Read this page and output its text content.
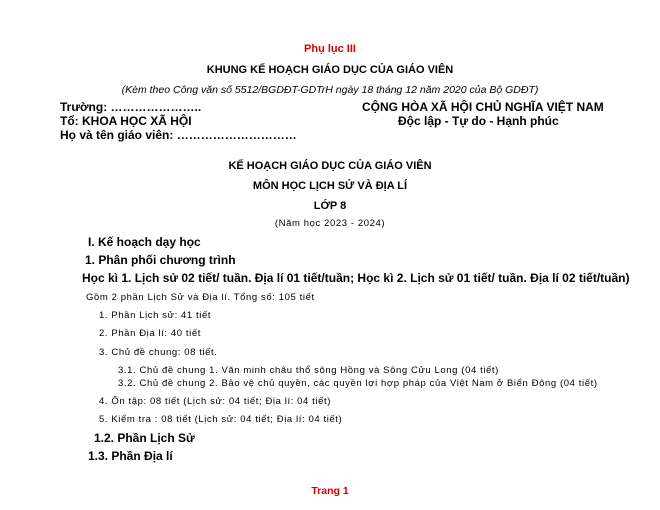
Phụ lục III
KHUNG KẾ HOẠCH GIÁO DỤC CỦA GIÁO VIÊN
(Kèm theo Công văn số 5512/BGDĐT-GDTrH ngày 18 tháng 12 năm 2020 của Bộ GDĐT)
Trường: …………………..
Tổ: KHOA HỌC XÃ HỘI
Họ và tên giáo viên: …………………………
CỘNG HÒA XÃ HỘI CHỦ NGHĨA VIỆT NAM
Độc lập - Tự do - Hạnh phúc
KẾ HOẠCH GIÁO DỤC CỦA GIÁO VIÊN
MÔN HỌC LỊCH SỬ VÀ ĐỊA LÍ
LỚP 8
(Năm học 2023 - 2024)
I. Kế hoạch dạy học
1. Phân phối chương trình
Học kì 1. Lịch sử 02 tiết/ tuần. Địa lí 01 tiết/tuần; Học kì 2. Lịch sử 01 tiết/ tuần. Địa lí 02 tiết/tuần)
Gồm 2 phần Lịch Sử và Địa lí. Tổng số: 105 tiết
1. Phần Lịch sử: 41 tiết
2. Phần Địa lí: 40 tiết
3. Chủ đề chung: 08 tiết.
3.1. Chủ đề chung 1. Văn minh châu thổ sông Hồng và Sông Cửu Long (04 tiết)
3.2. Chủ đề chung 2. Bảo vệ chủ quyền, các quyền lợi hợp pháp của Việt Nam ở Biển Đông (04 tiết)
4. Ôn tập: 08 tiết (Lịch sử: 04 tiết; Địa lí: 04 tiết)
5. Kiểm tra : 08 tiết (Lịch sử: 04 tiết; Địa lí: 04 tiết)
1.2. Phần Lịch Sử
1.3. Phần Địa lí
Trang 1
